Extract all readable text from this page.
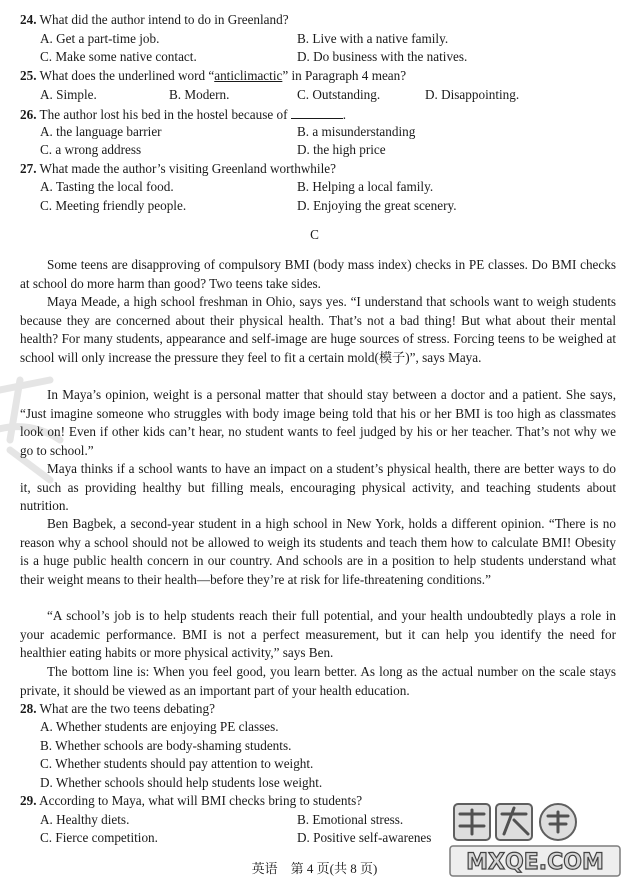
24. What did the author intend to do in Greenland?
A. Get a part-time job.	B. Live with a native family.
C. Make some native contact.	D. Do business with the natives.
25. What does the underlined word “anticlimactic” in Paragraph 4 mean?
A. Simple.	B. Modern.	C. Outstanding.	D. Disappointing.
26. The author lost his bed in the hostel because of	.
A. the language barrier	B. a misunderstanding
C. a wrong address	D. the high price
27. What made the author’s visiting Greenland worthwhile?
A. Tasting the local food.	B. Helping a local family.
C. Meeting friendly people.	D. Enjoying the great scenery.
C
Some teens are disapproving of compulsory BMI (body mass index) checks in PE classes. Do BMI checks at school do more harm than good? Two teens take sides.
Maya Meade, a high school freshman in Ohio, says yes. “I understand that schools want to weigh students because they are concerned about their physical health. That’s not a bad thing! But what about their mental health? For many students, appearance and self-image are huge sources of stress. Forcing teens to be weighed at school will only increase the pressure they feel to fit a certain mold(模子)”, says Maya.
In Maya’s opinion, weight is a personal matter that should stay between a doctor and a patient. She says, “Just imagine someone who struggles with body image being told that his or her BMI is too high as classmates look on! Even if other kids can’t hear, no student wants to feel judged by his or her teacher. That’s not why we go to school.”
Maya thinks if a school wants to have an impact on a student’s physical health, there are better ways to do it, such as providing healthy but filling meals, encouraging physical activity, and teaching students about nutrition.
Ben Bagbek, a second-year student in a high school in New York, holds a different opinion. “There is no reason why a school should not be allowed to weigh its students and teach them how to calculate BMI! Obesity is a huge public health concern in our country. And schools are in a position to help students understand what their weight means to their health—before they’re at risk for life-threatening conditions.”
“A school’s job is to help students reach their full potential, and your health undoubtedly plays a role in your academic performance. BMI is not a perfect measurement, but it can help you identify the need for healthier eating habits or more physical activity,” says Ben.
The bottom line is: When you feel good, you learn better. As long as the actual number on the scale stays private, it should be viewed as an important part of your health education.
28. What are the two teens debating?
A. Whether students are enjoying PE classes.
B. Whether schools are body-shaming students.
C. Whether students should pay attention to weight.
D. Whether schools should help students lose weight.
29. According to Maya, what will BMI checks bring to students?
A. Healthy diets.	B. Emotional stress.
C. Fierce competition.	D. Positive self-awarenes
英语　第 4 页(共 8 页)	MXQE.COM
